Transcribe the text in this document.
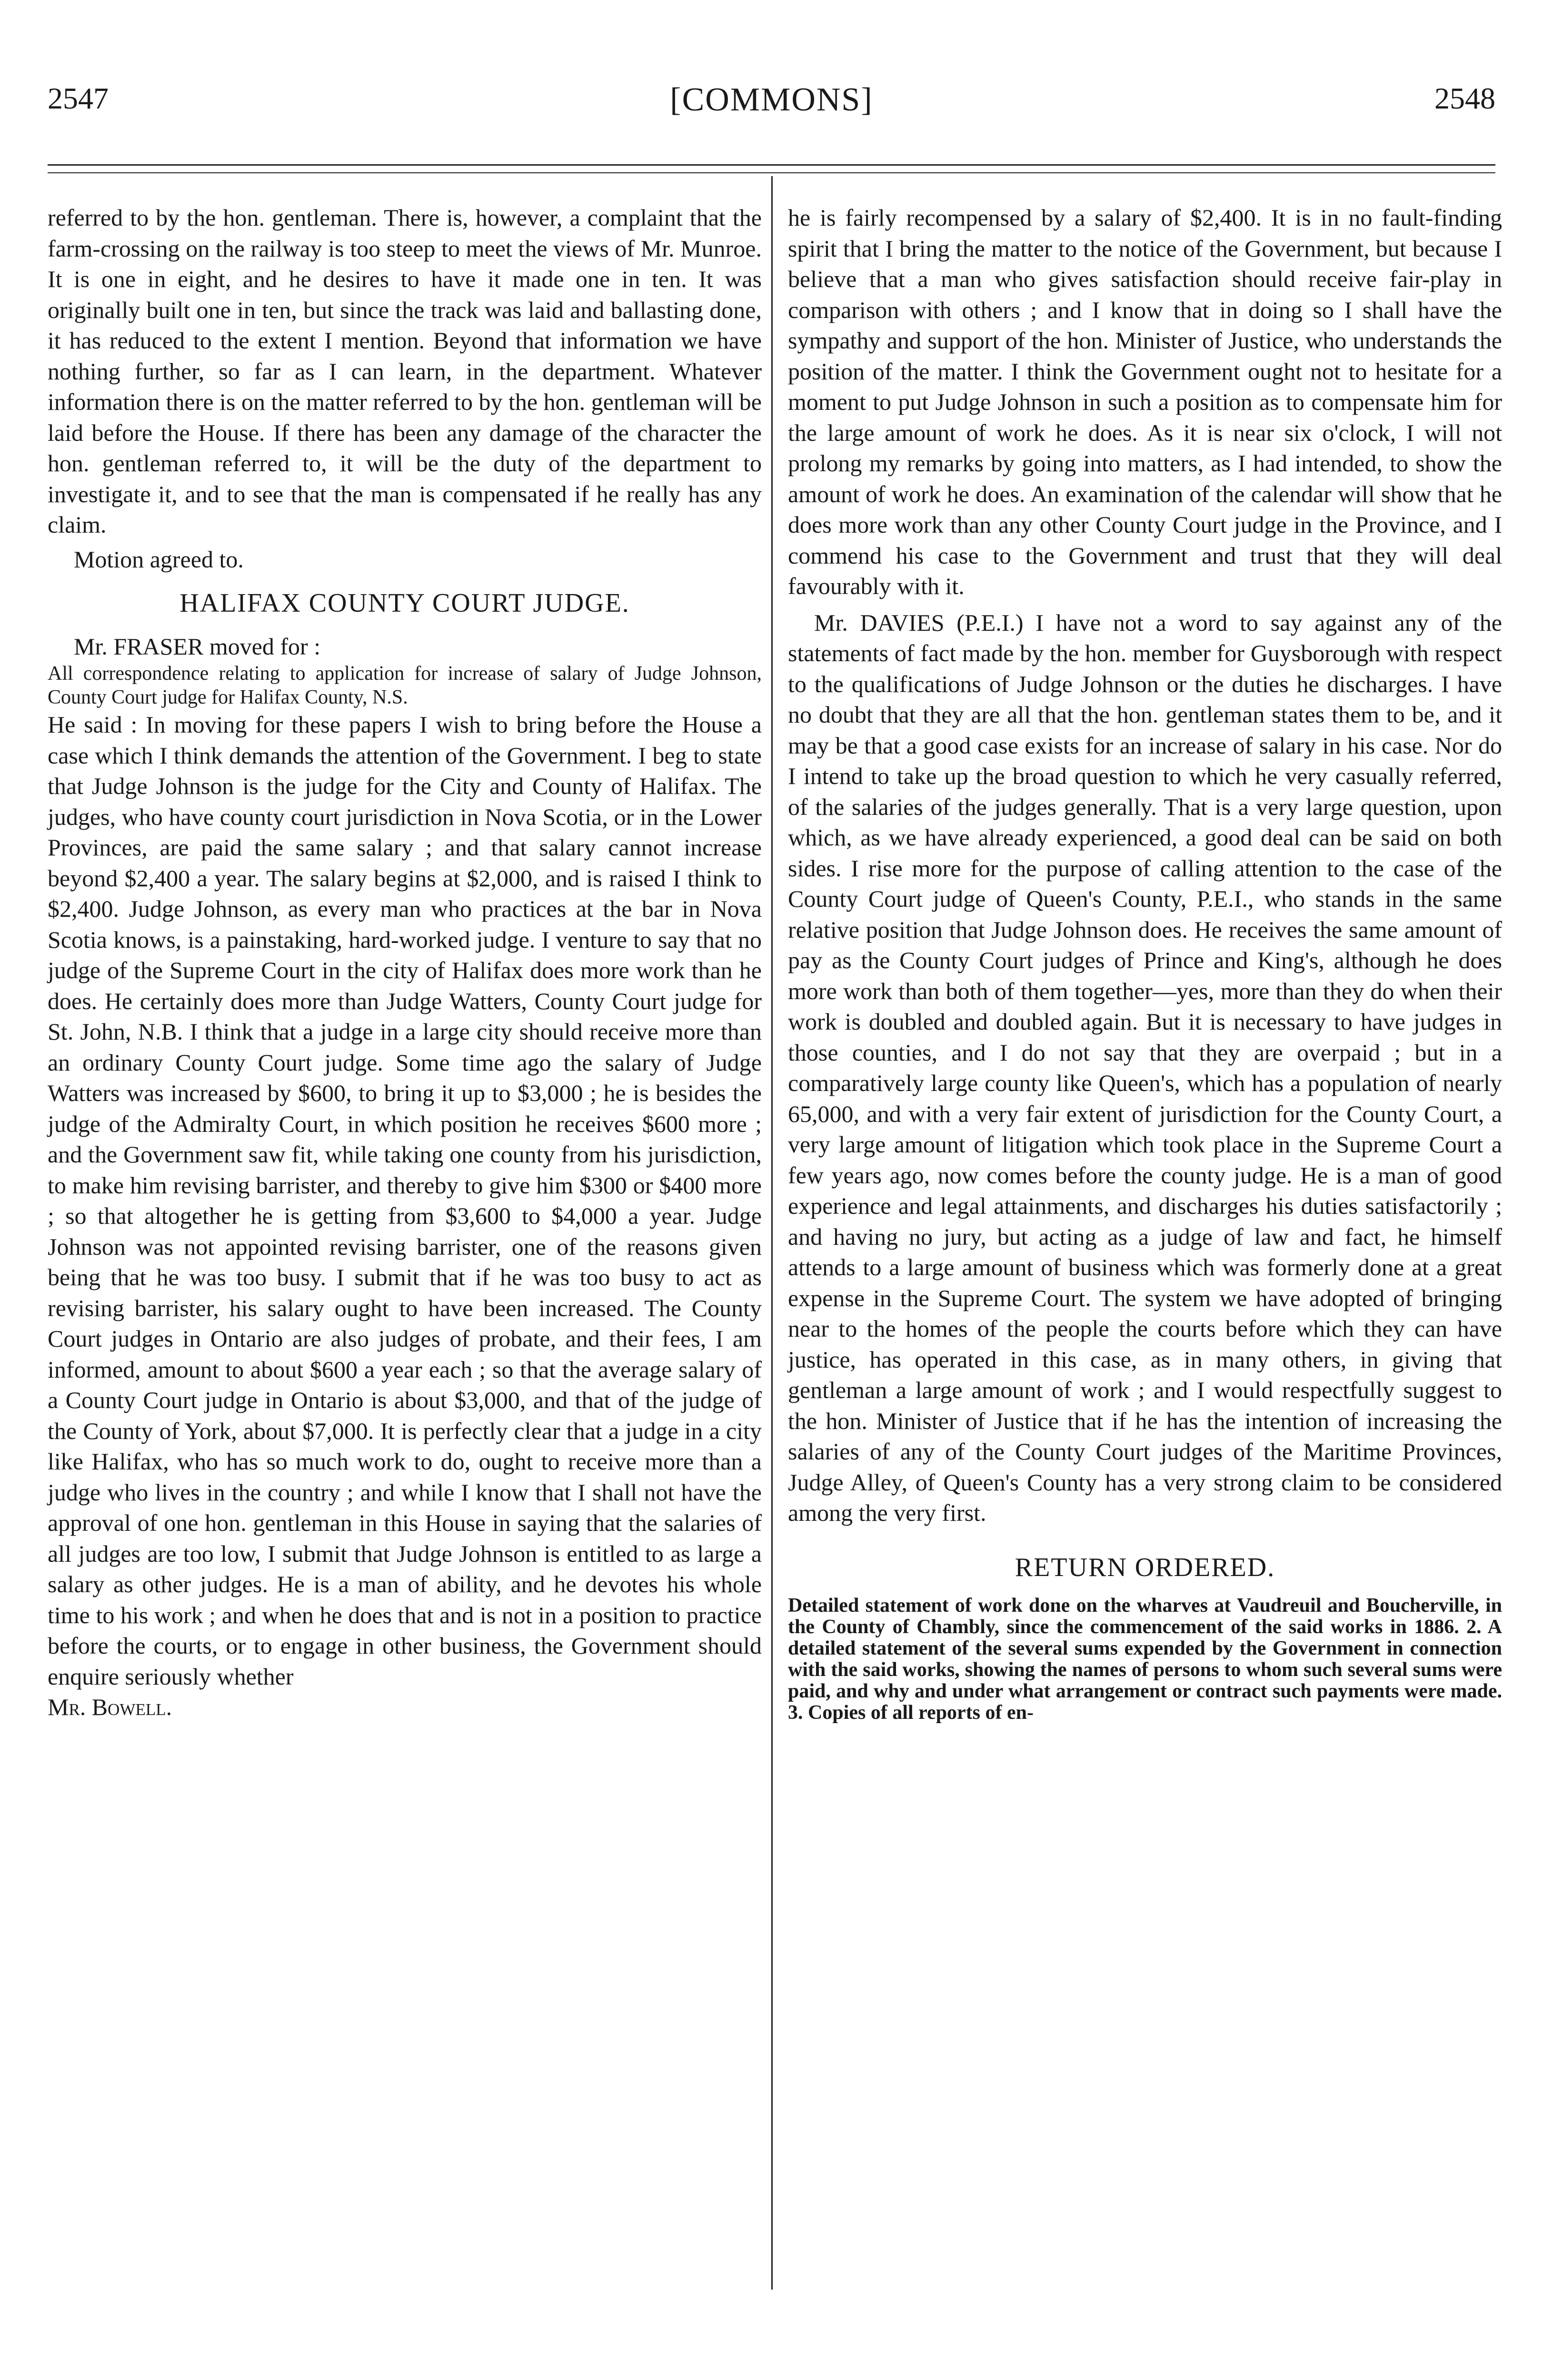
2547	[COMMONS]	2548

referred to by the hon. gentleman. There is, however, a complaint that the farm-crossing on the railway is too steep to meet the views of Mr. Munroe. It is one in eight, and he desires to have it made one in ten. It was originally built one in ten, but since the track was laid and ballasting done, it has reduced to the extent I mention. Beyond that information we have nothing further, so far as I can learn, in the department. Whatever information there is on the matter referred to by the hon. gentleman will be laid before the House. If there has been any damage of the character the hon. gentleman referred to, it will be the duty of the department to investigate it, and to see that the man is compensated if he really has any claim.

Motion agreed to.

HALIFAX COUNTY COURT JUDGE.

Mr. FRASER moved for :

All correspondence relating to application for increase of salary of Judge Johnson, County Court judge for Halifax County, N.S.

He said : In moving for these papers I wish to bring before the House a case which I think demands the attention of the Government. I beg to state that Judge Johnson is the judge for the City and County of Halifax. The judges, who have county court jurisdiction in Nova Scotia, or in the Lower Provinces, are paid the same salary ; and that salary cannot increase beyond $2,400 a year. The salary begins at $2,000, and is raised I think to $2,400. Judge Johnson, as every man who practices at the bar in Nova Scotia knows, is a painstaking, hard-worked judge. I venture to say that no judge of the Supreme Court in the city of Halifax does more work than he does. He certainly does more than Judge Watters, County Court judge for St. John, N.B. I think that a judge in a large city should receive more than an ordinary County Court judge. Some time ago the salary of Judge Watters was increased by $600, to bring it up to $3,000 ; he is besides the judge of the Admiralty Court, in which position he receives $600 more ; and the Government saw fit, while taking one county from his jurisdiction, to make him revising barrister, and thereby to give him $300 or $400 more ; so that altogether he is getting from $3,600 to $4,000 a year. Judge Johnson was not appointed revising barrister, one of the reasons given being that he was too busy. I submit that if he was too busy to act as revising barrister, his salary ought to have been increased. The County Court judges in Ontario are also judges of probate, and their fees, I am informed, amount to about $600 a year each ; so that the average salary of a County Court judge in Ontario is about $3,000, and that of the judge of the County of York, about $7,000. It is perfectly clear that a judge in a city like Halifax, who has so much work to do, ought to receive more than a judge who lives in the country ; and while I know that I shall not have the approval of one hon. gentleman in this House in saying that the salaries of all judges are too low, I submit that Judge Johnson is entitled to as large a salary as other judges. He is a man of ability, and he devotes his whole time to his work ; and when he does that and is not in a position to practice before the courts, or to engage in other business, the Government should enquire seriously whether

Mr. Bowell.

he is fairly recompensed by a salary of $2,400. It is in no fault-finding spirit that I bring the matter to the notice of the Government, but because I believe that a man who gives satisfaction should receive fair-play in comparison with others ; and I know that in doing so I shall have the sympathy and support of the hon. Minister of Justice, who understands the position of the matter. I think the Government ought not to hesitate for a moment to put Judge Johnson in such a position as to compensate him for the large amount of work he does. As it is near six o'clock, I will not prolong my remarks by going into matters, as I had intended, to show the amount of work he does. An examination of the calendar will show that he does more work than any other County Court judge in the Province, and I commend his case to the Government and trust that they will deal favourably with it.

Mr. DAVIES (P.E.I.) I have not a word to say against any of the statements of fact made by the hon. member for Guysborough with respect to the qualifications of Judge Johnson or the duties he discharges. I have no doubt that they are all that the hon. gentleman states them to be, and it may be that a good case exists for an increase of salary in his case. Nor do I intend to take up the broad question to which he very casually referred, of the salaries of the judges generally. That is a very large question, upon which, as we have already experienced, a good deal can be said on both sides. I rise more for the purpose of calling attention to the case of the County Court judge of Queen's County, P.E.I., who stands in the same relative position that Judge Johnson does. He receives the same amount of pay as the County Court judges of Prince and King's, although he does more work than both of them together—yes, more than they do when their work is doubled and doubled again. But it is necessary to have judges in those counties, and I do not say that they are overpaid ; but in a comparatively large county like Queen's, which has a population of nearly 65,000, and with a very fair extent of jurisdiction for the County Court, a very large amount of litigation which took place in the Supreme Court a few years ago, now comes before the county judge. He is a man of good experience and legal attainments, and discharges his duties satisfactorily ; and having no jury, but acting as a judge of law and fact, he himself attends to a large amount of business which was formerly done at a great expense in the Supreme Court. The system we have adopted of bringing near to the homes of the people the courts before which they can have justice, has operated in this case, as in many others, in giving that gentleman a large amount of work ; and I would respectfully suggest to the hon. Minister of Justice that if he has the intention of increasing the salaries of any of the County Court judges of the Maritime Provinces, Judge Alley, of Queen's County has a very strong claim to be considered among the very first.

RETURN ORDERED.

Detailed statement of work done on the wharves at Vaudreuil and Boucherville, in the County of Chambly, since the commencement of the said works in 1886. 2. A detailed statement of the several sums expended by the Government in connection with the said works, showing the names of persons to whom such several sums were paid, and why and under what arrangement or contract such payments were made. 3. Copies of all reports of en-
